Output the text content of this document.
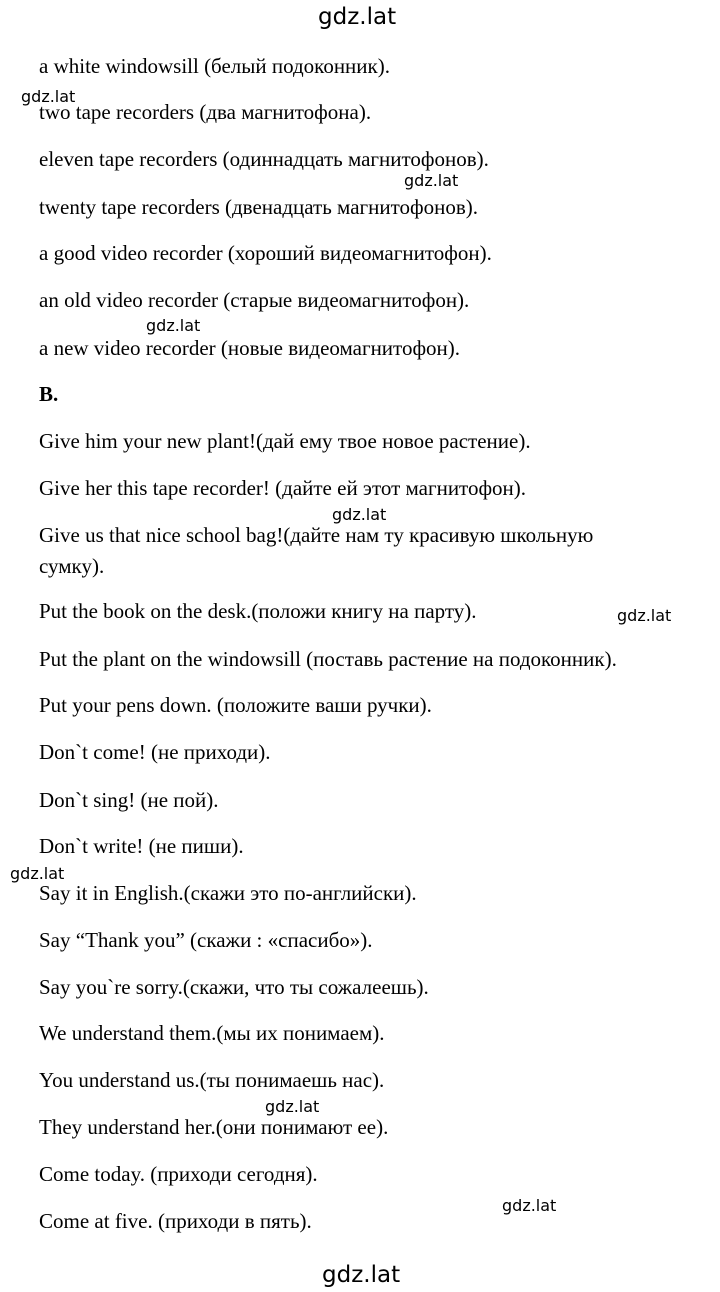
gdz.lat
gdz.lat
gdz.lat
gdz.lat
gdz.lat
gdz.lat
gdz.lat
gdz.lat
gdz.lat
gdz.lat
a white windowsill (белый подоконник).
two tape recorders (два магнитофона).
eleven tape recorders (одиннадцать магнитофонов).
twenty tape recorders (двенадцать магнитофонов).
a good video recorder (хороший видеомагнитофон).
an old video recorder (старые видеомагнитофон).
a new video recorder (новые видеомагнитофон).
B.
Give him your new plant!(дай ему твое новое растение).
Give her this tape recorder! (дайте ей этот магнитофон).
Give us that nice school bag!(дайте нам ту красивую школьную
сумку).
Put the book on the desk.(положи книгу на парту).
Put the plant on the windowsill (поставь растение на подоконник).
Put your pens down. (положите ваши ручки).
Don`t come! (не приходи).
Don`t sing! (не пой).
Don`t write! (не пиши).
Say it in English.(скажи это по-английски).
Say “Thank you” (скажи : «спасибо»).
Say you`re sorry.(скажи, что ты сожалеешь).
We understand them.(мы их понимаем).
You understand us.(ты понимаешь нас).
They understand her.(они понимают ее).
Come today. (приходи сегодня).
Come at five. (приходи в пять).
